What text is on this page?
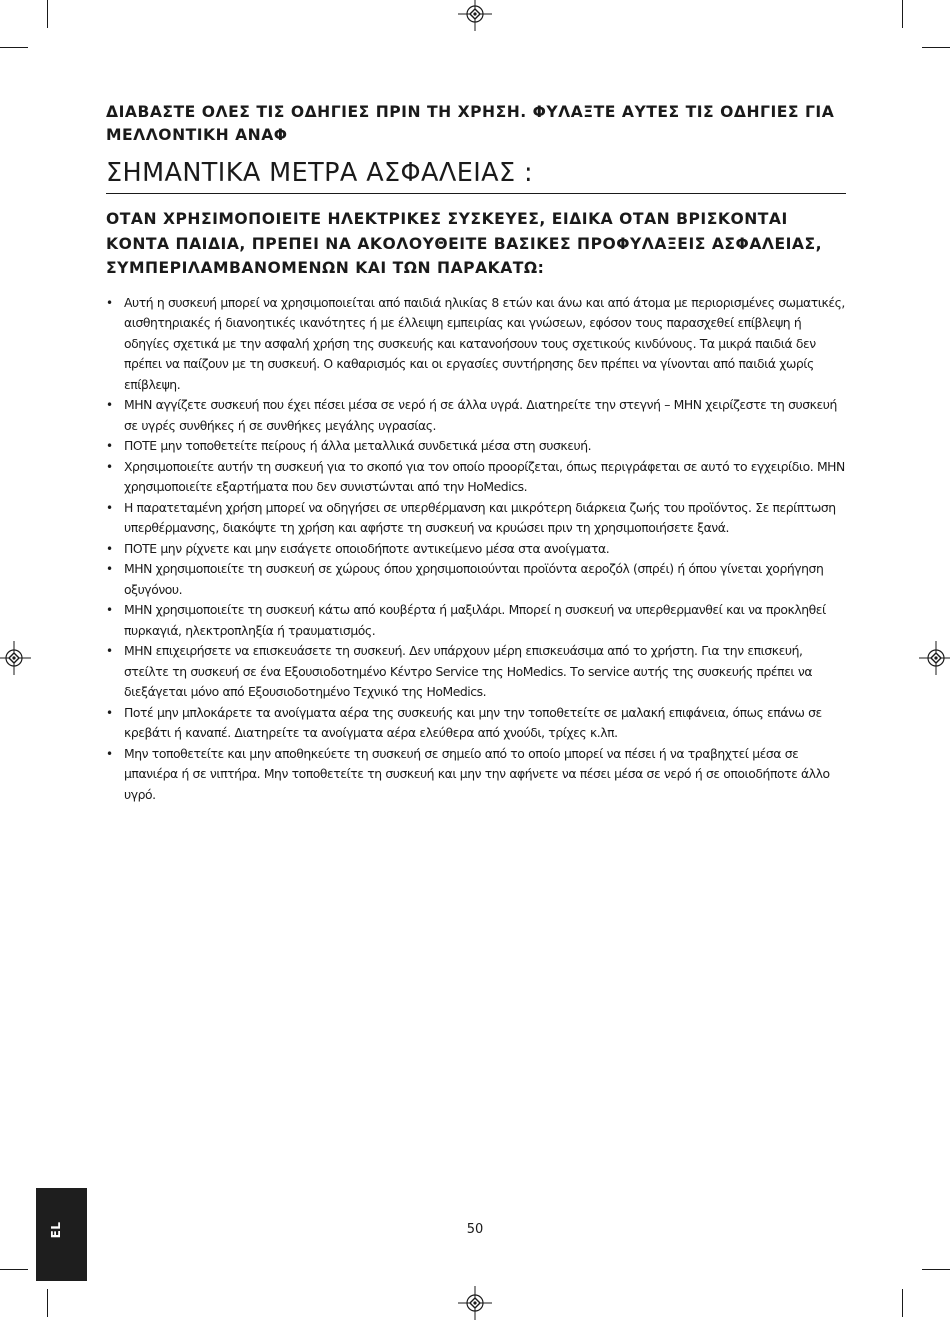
ΔΙΑΒΑΣΤΕ ΟΛΕΣ ΤΙΣ ΟΔΗΓΙΕΣ ΠΡΙΝ ΤΗ ΧΡΗΣΗ. ΦΥΛΑΞΤΕ ΑΥΤΕΣ ΤΙΣ ΟΔΗΓΙΕΣ ΓΙΑ ΜΕΛΛΟΝΤΙΚΗ ΑΝΑΦ
ΣΗΜΑΝΤΙΚΑ ΜΕΤΡΑ ΑΣΦΑΛΕΙΑΣ :
ΟΤΑΝ ΧΡΗΣΙΜΟΠΟΙΕΙΤΕ ΗΛΕΚΤΡΙΚΕΣ ΣΥΣΚΕΥΕΣ, ΕΙΔΙΚΑ ΟΤΑΝ ΒΡΙΣΚΟΝΤΑΙ ΚΟΝΤΑ ΠΑΙΔΙΑ, ΠΡΕΠΕΙ ΝΑ ΑΚΟΛΟΥΘΕΙΤΕ ΒΑΣΙΚΕΣ ΠΡΟΦΥΛΑΞΕΙΣ ΑΣΦΑΛΕΙΑΣ, ΣΥΜΠΕΡΙΛΑΜΒΑΝΟΜΕΝΩΝ ΚΑΙ ΤΩΝ ΠΑΡΑΚΑΤΩ:
• Αυτή η συσκευή μπορεί να χρησιμοποιείται από παιδιά ηλικίας 8 ετών και άνω και από άτομα με περιορισμένες σωματικές, αισθητηριακές ή διανοητικές ικανότητες ή με έλλειψη εμπειρίας και γνώσεων, εφόσον τους παρασχεθεί επίβλεψη ή οδηγίες σχετικά με την ασφαλή χρήση της συσκευής και κατανοήσουν τους σχετικούς κινδύνους. Τα μικρά παιδιά δεν πρέπει να παίζουν με τη συσκευή. Ο καθαρισμός και οι εργασίες συντήρησης δεν πρέπει να γίνονται από παιδιά χωρίς επίβλεψη.
• ΜΗΝ αγγίζετε συσκευή που έχει πέσει μέσα σε νερό ή σε άλλα υγρά. Διατηρείτε την στεγνή – ΜΗΝ χειρίζεστε τη συσκευή σε υγρές συνθήκες ή σε συνθήκες μεγάλης υγρασίας.
• ΠΟΤΕ μην τοποθετείτε πείρους ή άλλα μεταλλικά συνδετικά μέσα στη συσκευή.
• Χρησιμοποιείτε αυτήν τη συσκευή για το σκοπό για τον οποίο προορίζεται, όπως περιγράφεται σε αυτό το εγχειρίδιο. ΜΗΝ χρησιμοποιείτε εξαρτήματα που δεν συνιστώνται από την HoMedics.
• Η παρατεταμένη χρήση μπορεί να οδηγήσει σε υπερθέρμανση και μικρότερη διάρκεια ζωής του προϊόντος. Σε περίπτωση υπερθέρμανσης, διακόψτε τη χρήση και αφήστε τη συσκευή να κρυώσει πριν τη χρησιμοποιήσετε ξανά.
• ΠΟΤΕ μην ρίχνετε και μην εισάγετε οποιοδήποτε αντικείμενο μέσα στα ανοίγματα.
• ΜΗΝ χρησιμοποιείτε τη συσκευή σε χώρους όπου χρησιμοποιούνται προϊόντα αεροζόλ (σπρέι) ή όπου γίνεται χορήγηση οξυγόνου.
• ΜΗΝ χρησιμοποιείτε τη συσκευή κάτω από κουβέρτα ή μαξιλάρι. Μπορεί η συσκευή να υπερθερμανθεί και να προκληθεί πυρκαγιά, ηλεκτροπληξία ή τραυματισμός.
• ΜΗΝ επιχειρήσετε να επισκευάσετε τη συσκευή. Δεν υπάρχουν μέρη επισκευάσιμα από το χρήστη. Για την επισκευή, στείλτε τη συσκευή σε ένα Εξουσιοδοτημένο Κέντρο Service της HoMedics. Το service αυτής της συσκευής πρέπει να διεξάγεται μόνο από Εξουσιοδοτημένο Τεχνικό της HoMedics.
• Ποτέ μην μπλοκάρετε τα ανοίγματα αέρα της συσκευής και μην την τοποθετείτε σε μαλακή επιφάνεια, όπως επάνω σε κρεβάτι ή καναπέ. Διατηρείτε τα ανοίγματα αέρα ελεύθερα από χνούδι, τρίχες κ.λπ.
• Μην τοποθετείτε και μην αποθηκεύετε τη συσκευή σε σημείο από το οποίο μπορεί να πέσει ή να τραβηχτεί μέσα σε μπανιέρα ή σε νιπτήρα. Μην τοποθετείτε τη συσκευή και μην την αφήνετε να πέσει μέσα σε νερό ή σε οποιοδήποτε άλλο υγρό.
50
EL
